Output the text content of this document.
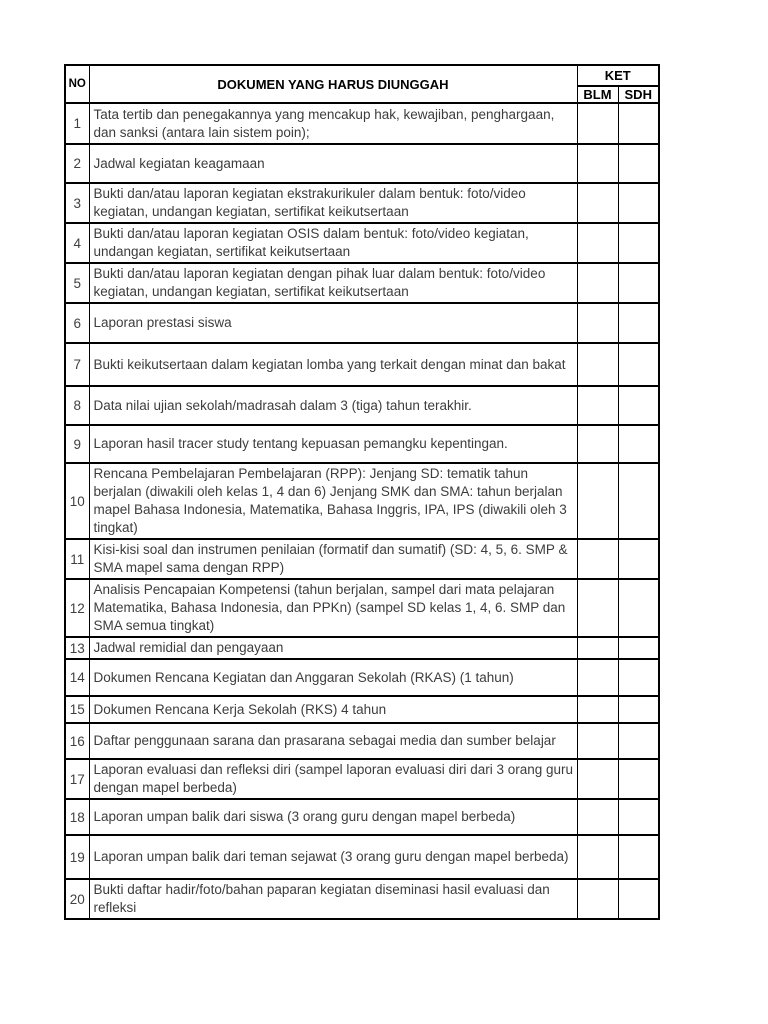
NO	DOKUMEN YANG HARUS DIUNGGAH	KET	
		BLM	SDH
1	Tata tertib dan penegakannya yang mencakup hak, kewajiban, penghargaan, dan sanksi (antara lain sistem poin);		
2	Jadwal kegiatan keagamaan		
3	Bukti dan/atau laporan kegiatan ekstrakurikuler dalam bentuk: foto/video kegiatan, undangan kegiatan, sertifikat keikutsertaan		
4	Bukti dan/atau laporan kegiatan OSIS dalam bentuk: foto/video kegiatan, undangan kegiatan, sertifikat keikutsertaan		
5	Bukti dan/atau laporan kegiatan dengan pihak luar dalam bentuk: foto/video kegiatan, undangan kegiatan, sertifikat keikutsertaan		
6	Laporan prestasi siswa		
7	Bukti keikutsertaan dalam kegiatan lomba yang terkait dengan minat dan bakat		
8	Data nilai ujian sekolah/madrasah dalam 3 (tiga) tahun terakhir.		
9	Laporan hasil tracer study tentang kepuasan pemangku kepentingan.		
10	Rencana Pembelajaran Pembelajaran (RPP): Jenjang SD: tematik tahun berjalan (diwakili oleh kelas 1, 4 dan 6) Jenjang SMK dan SMA: tahun berjalan mapel Bahasa Indonesia, Matematika, Bahasa Inggris, IPA, IPS (diwakili oleh 3 tingkat)		
11	Kisi-kisi soal dan instrumen penilaian (formatif dan sumatif) (SD: 4, 5, 6. SMP & SMA mapel sama dengan RPP)		
12	Analisis Pencapaian Kompetensi (tahun berjalan, sampel dari mata pelajaran Matematika, Bahasa Indonesia, dan PPKn) (sampel SD kelas 1, 4, 6. SMP dan SMA semua tingkat)		
13	Jadwal remidial dan pengayaan		
14	Dokumen Rencana Kegiatan dan Anggaran Sekolah (RKAS) (1 tahun)		
15	Dokumen Rencana Kerja Sekolah (RKS) 4 tahun		
16	Daftar penggunaan sarana dan prasarana sebagai media dan sumber belajar		
17	Laporan evaluasi dan refleksi diri (sampel laporan evaluasi diri dari 3 orang guru dengan mapel berbeda)		
18	Laporan umpan balik dari siswa (3 orang guru dengan mapel berbeda)		
19	Laporan umpan balik dari teman sejawat (3 orang guru dengan mapel berbeda)		
20	Bukti daftar hadir/foto/bahan paparan kegiatan diseminasi hasil evaluasi dan refleksi		
